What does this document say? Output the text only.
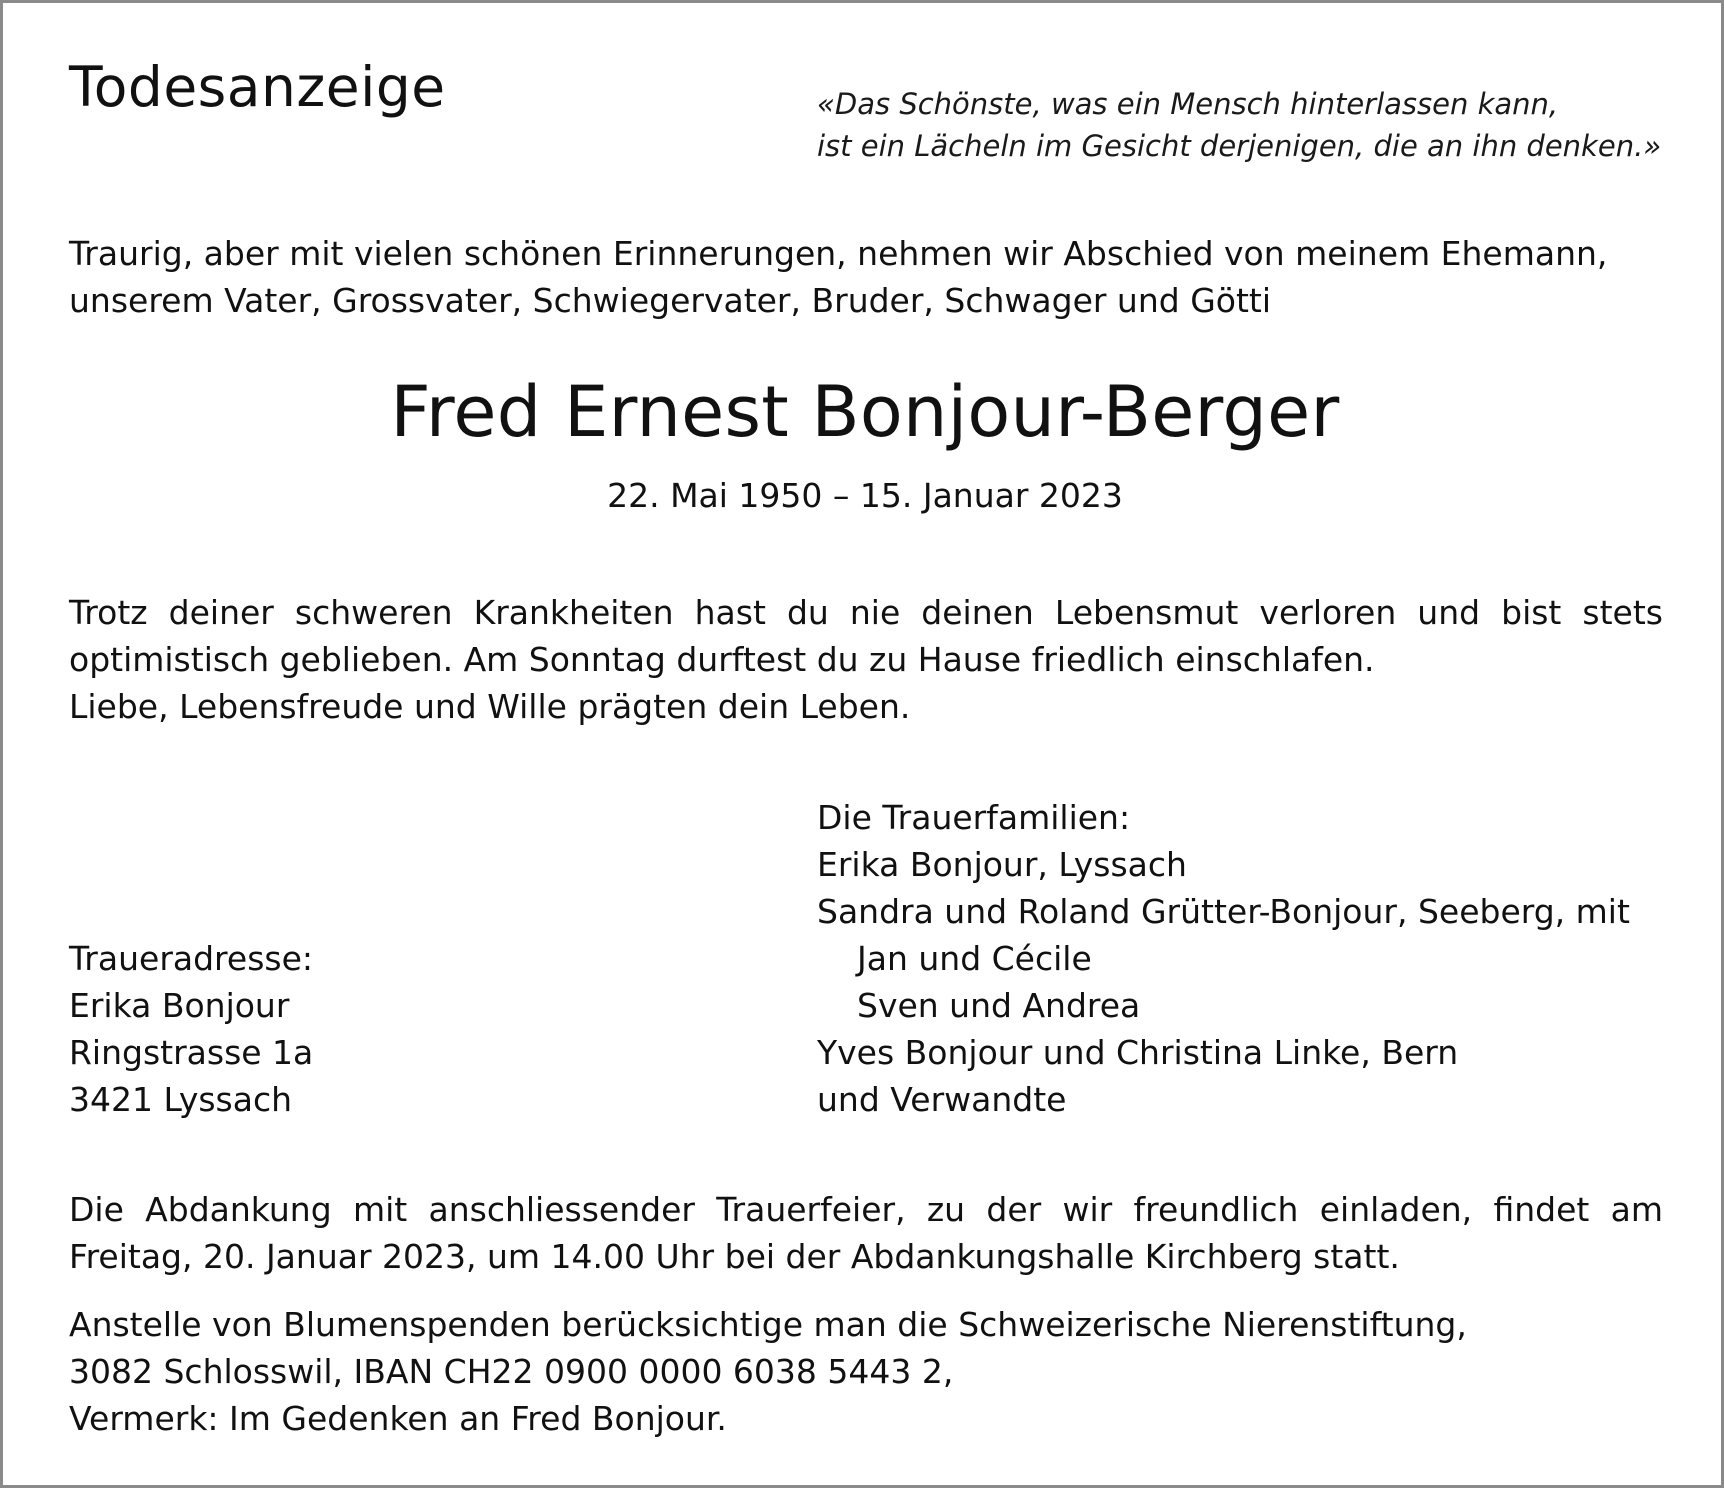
Todesanzeige	«Das Schönste, was ein Mensch hinterlassen kann,
ist ein Lächeln im Gesicht derjenigen, die an ihn denken.»
Traurig, aber mit vielen schönen Erinnerungen, nehmen wir Abschied von meinem Ehemann,
unserem Vater, Grossvater, Schwiegervater, Bruder, Schwager und Götti
Fred Ernest Bonjour-Berger
22. Mai 1950 – 15. Januar 2023
Trotz deiner schweren Krankheiten hast du nie deinen Lebensmut verloren und bist stets
optimistisch geblieben. Am Sonntag durftest du zu Hause friedlich einschlafen.
Liebe, Lebensfreude und Wille prägten dein Leben.
Die Trauerfamilien:
Erika Bonjour, Lyssach
Sandra und Roland Grütter-Bonjour, Seeberg, mit
Jan und Cécile
Sven und Andrea
Yves Bonjour und Christina Linke, Bern
und Verwandte
Traueradresse:
Erika Bonjour
Ringstrasse 1a
3421 Lyssach
Die Abdankung mit anschliessender Trauerfeier, zu der wir freundlich einladen, findet am
Freitag, 20. Januar 2023, um 14.00 Uhr bei der Abdankungshalle Kirchberg statt.
Anstelle von Blumenspenden berücksichtige man die Schweizerische Nierenstiftung,
3082 Schlosswil, IBAN CH22 0900 0000 6038 5443 2,
Vermerk: Im Gedenken an Fred Bonjour.
